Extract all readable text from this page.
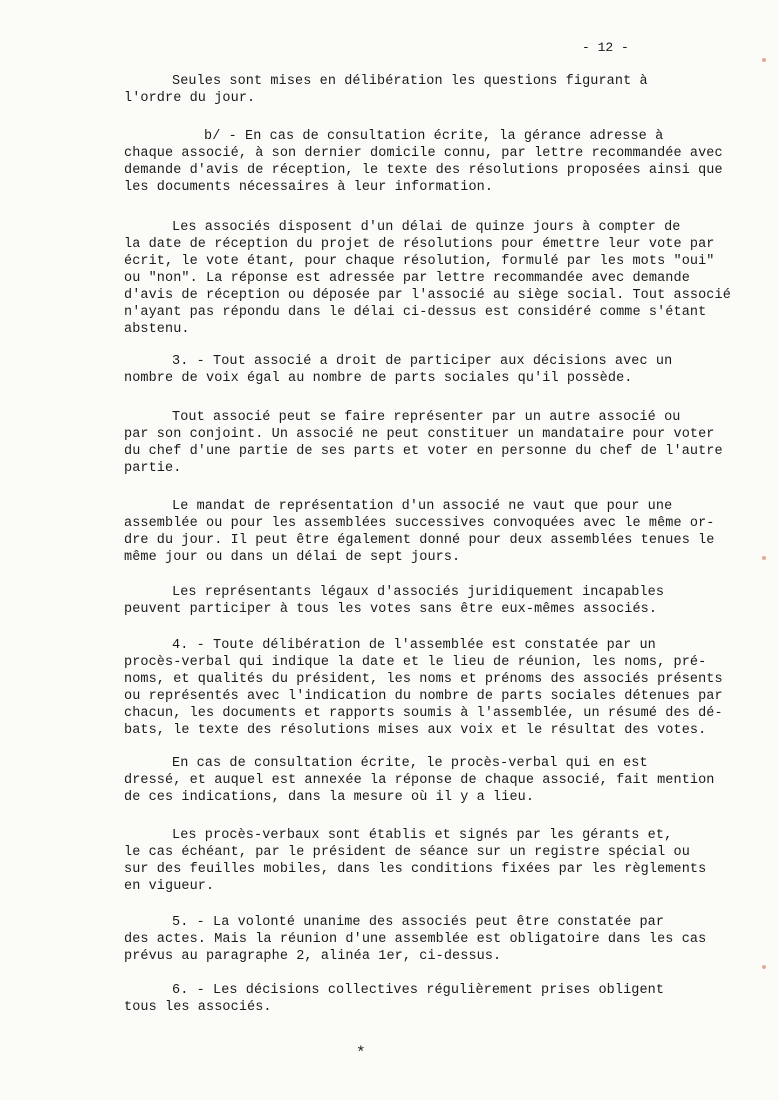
- 12 -
Seules sont mises en délibération les questions figurant à
l'ordre du jour.
b/ - En cas de consultation écrite, la gérance adresse à
chaque associé, à son dernier domicile connu, par lettre recommandée avec
demande d'avis de réception, le texte des résolutions proposées ainsi que
les documents nécessaires à leur information.
Les associés disposent d'un délai de quinze jours à compter de
la date de réception du projet de résolutions pour émettre leur vote par
écrit, le vote étant, pour chaque résolution, formulé par les mots "oui"
ou "non". La réponse est adressée par lettre recommandée avec demande
d'avis de réception ou déposée par l'associé au siège social. Tout associé
n'ayant pas répondu dans le délai ci-dessus est considéré comme s'étant
abstenu.
3. - Tout associé a droit de participer aux décisions avec un
nombre de voix égal au nombre de parts sociales qu'il possède.
Tout associé peut se faire représenter par un autre associé ou
par son conjoint. Un associé ne peut constituer un mandataire pour voter
du chef d'une partie de ses parts et voter en personne du chef de l'autre
partie.
Le mandat de représentation d'un associé ne vaut que pour une
assemblée ou pour les assemblées successives convoquées avec le même or-
dre du jour. Il peut être également donné pour deux assemblées tenues le
même jour ou dans un délai de sept jours.
Les représentants légaux d'associés juridiquement incapables
peuvent participer à tous les votes sans être eux-mêmes associés.
4. - Toute délibération de l'assemblée est constatée par un
procès-verbal qui indique la date et le lieu de réunion, les noms, pré-
noms, et qualités du président, les noms et prénoms des associés présents
ou représentés avec l'indication du nombre de parts sociales détenues par
chacun, les documents et rapports soumis à l'assemblée, un résumé des dé-
bats, le texte des résolutions mises aux voix et le résultat des votes.
En cas de consultation écrite, le procès-verbal qui en est
dressé, et auquel est annexée la réponse de chaque associé, fait mention
de ces indications, dans la mesure où il y a lieu.
Les procès-verbaux sont établis et signés par les gérants et,
le cas échéant, par le président de séance sur un registre spécial ou
sur des feuilles mobiles, dans les conditions fixées par les règlements
en vigueur.
5. - La volonté unanime des associés peut être constatée par
des actes. Mais la réunion d'une assemblée est obligatoire dans les cas
prévus au paragraphe 2, alinéa 1er, ci-dessus.
6. - Les décisions collectives régulièrement prises obligent
tous les associés.
*
